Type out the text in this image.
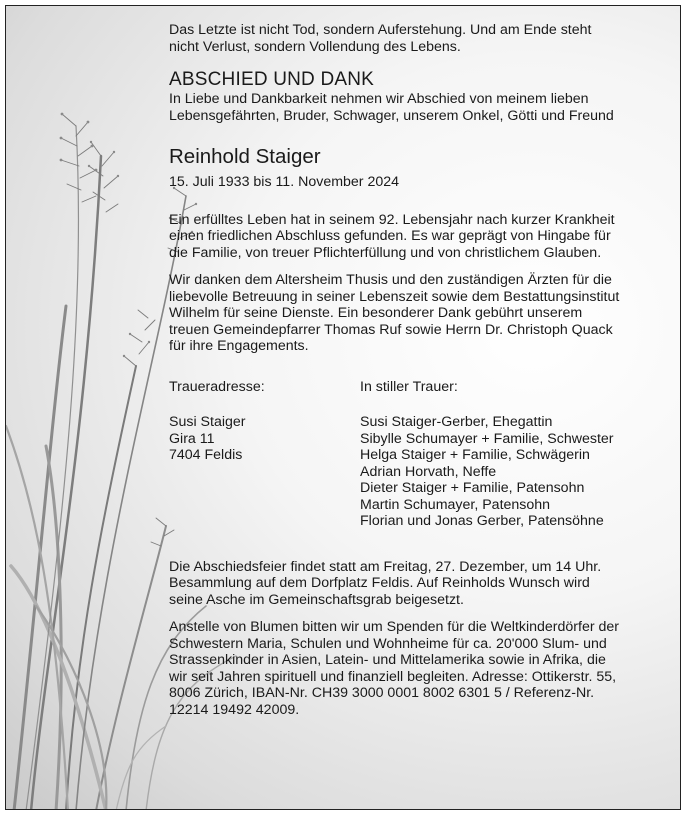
Das Letzte ist nicht Tod, sondern Auferstehung. Und am Ende steht
nicht Verlust, sondern Vollendung des Lebens.

ABSCHIED UND DANK

In Liebe und Dankbarkeit nehmen wir Abschied von meinem lieben
Lebensgefährten, Bruder, Schwager, unserem Onkel, Götti und Freund

Reinhold Staiger

15. Juli 1933 bis 11. November 2024

Ein erfülltes Leben hat in seinem 92. Lebensjahr nach kurzer Krankheit
einen friedlichen Abschluss gefunden. Es war geprägt von Hingabe für
die Familie, von treuer Pflichterfüllung und von christlichem Glauben.

Wir danken dem Altersheim Thusis und den zuständigen Ärzten für die
liebevolle Betreuung in seiner Lebenszeit sowie dem Bestattungsinstitut
Wilhelm für seine Dienste. Ein besonderer Dank gebührt unserem
treuen Gemeindepfarrer Thomas Ruf sowie Herrn Dr. Christoph Quack
für ihre Engagements.

Traueradresse:

Susi Staiger
Gira 11
7404 Feldis

In stiller Trauer:

Susi Staiger-Gerber, Ehegattin
Sibylle Schumayer + Familie, Schwester
Helga Staiger + Familie, Schwägerin
Adrian Horvath, Neffe
Dieter Staiger + Familie, Patensohn
Martin Schumayer, Patensohn
Florian und Jonas Gerber, Patensöhne

Die Abschiedsfeier findet statt am Freitag, 27. Dezember, um 14 Uhr.
Besammlung auf dem Dorfplatz Feldis. Auf Reinholds Wunsch wird
seine Asche im Gemeinschaftsgrab beigesetzt.

Anstelle von Blumen bitten wir um Spenden für die Weltkinderdörfer der
Schwestern Maria, Schulen und Wohnheime für ca. 20'000 Slum- und
Strassenkinder in Asien, Latein- und Mittelamerika sowie in Afrika, die
wir seit Jahren spirituell und finanziell begleiten. Adresse: Ottikerstr. 55,
8006 Zürich, IBAN-Nr. CH39 3000 0001 8002 6301 5 / Referenz-Nr.
12214 19492 42009.
